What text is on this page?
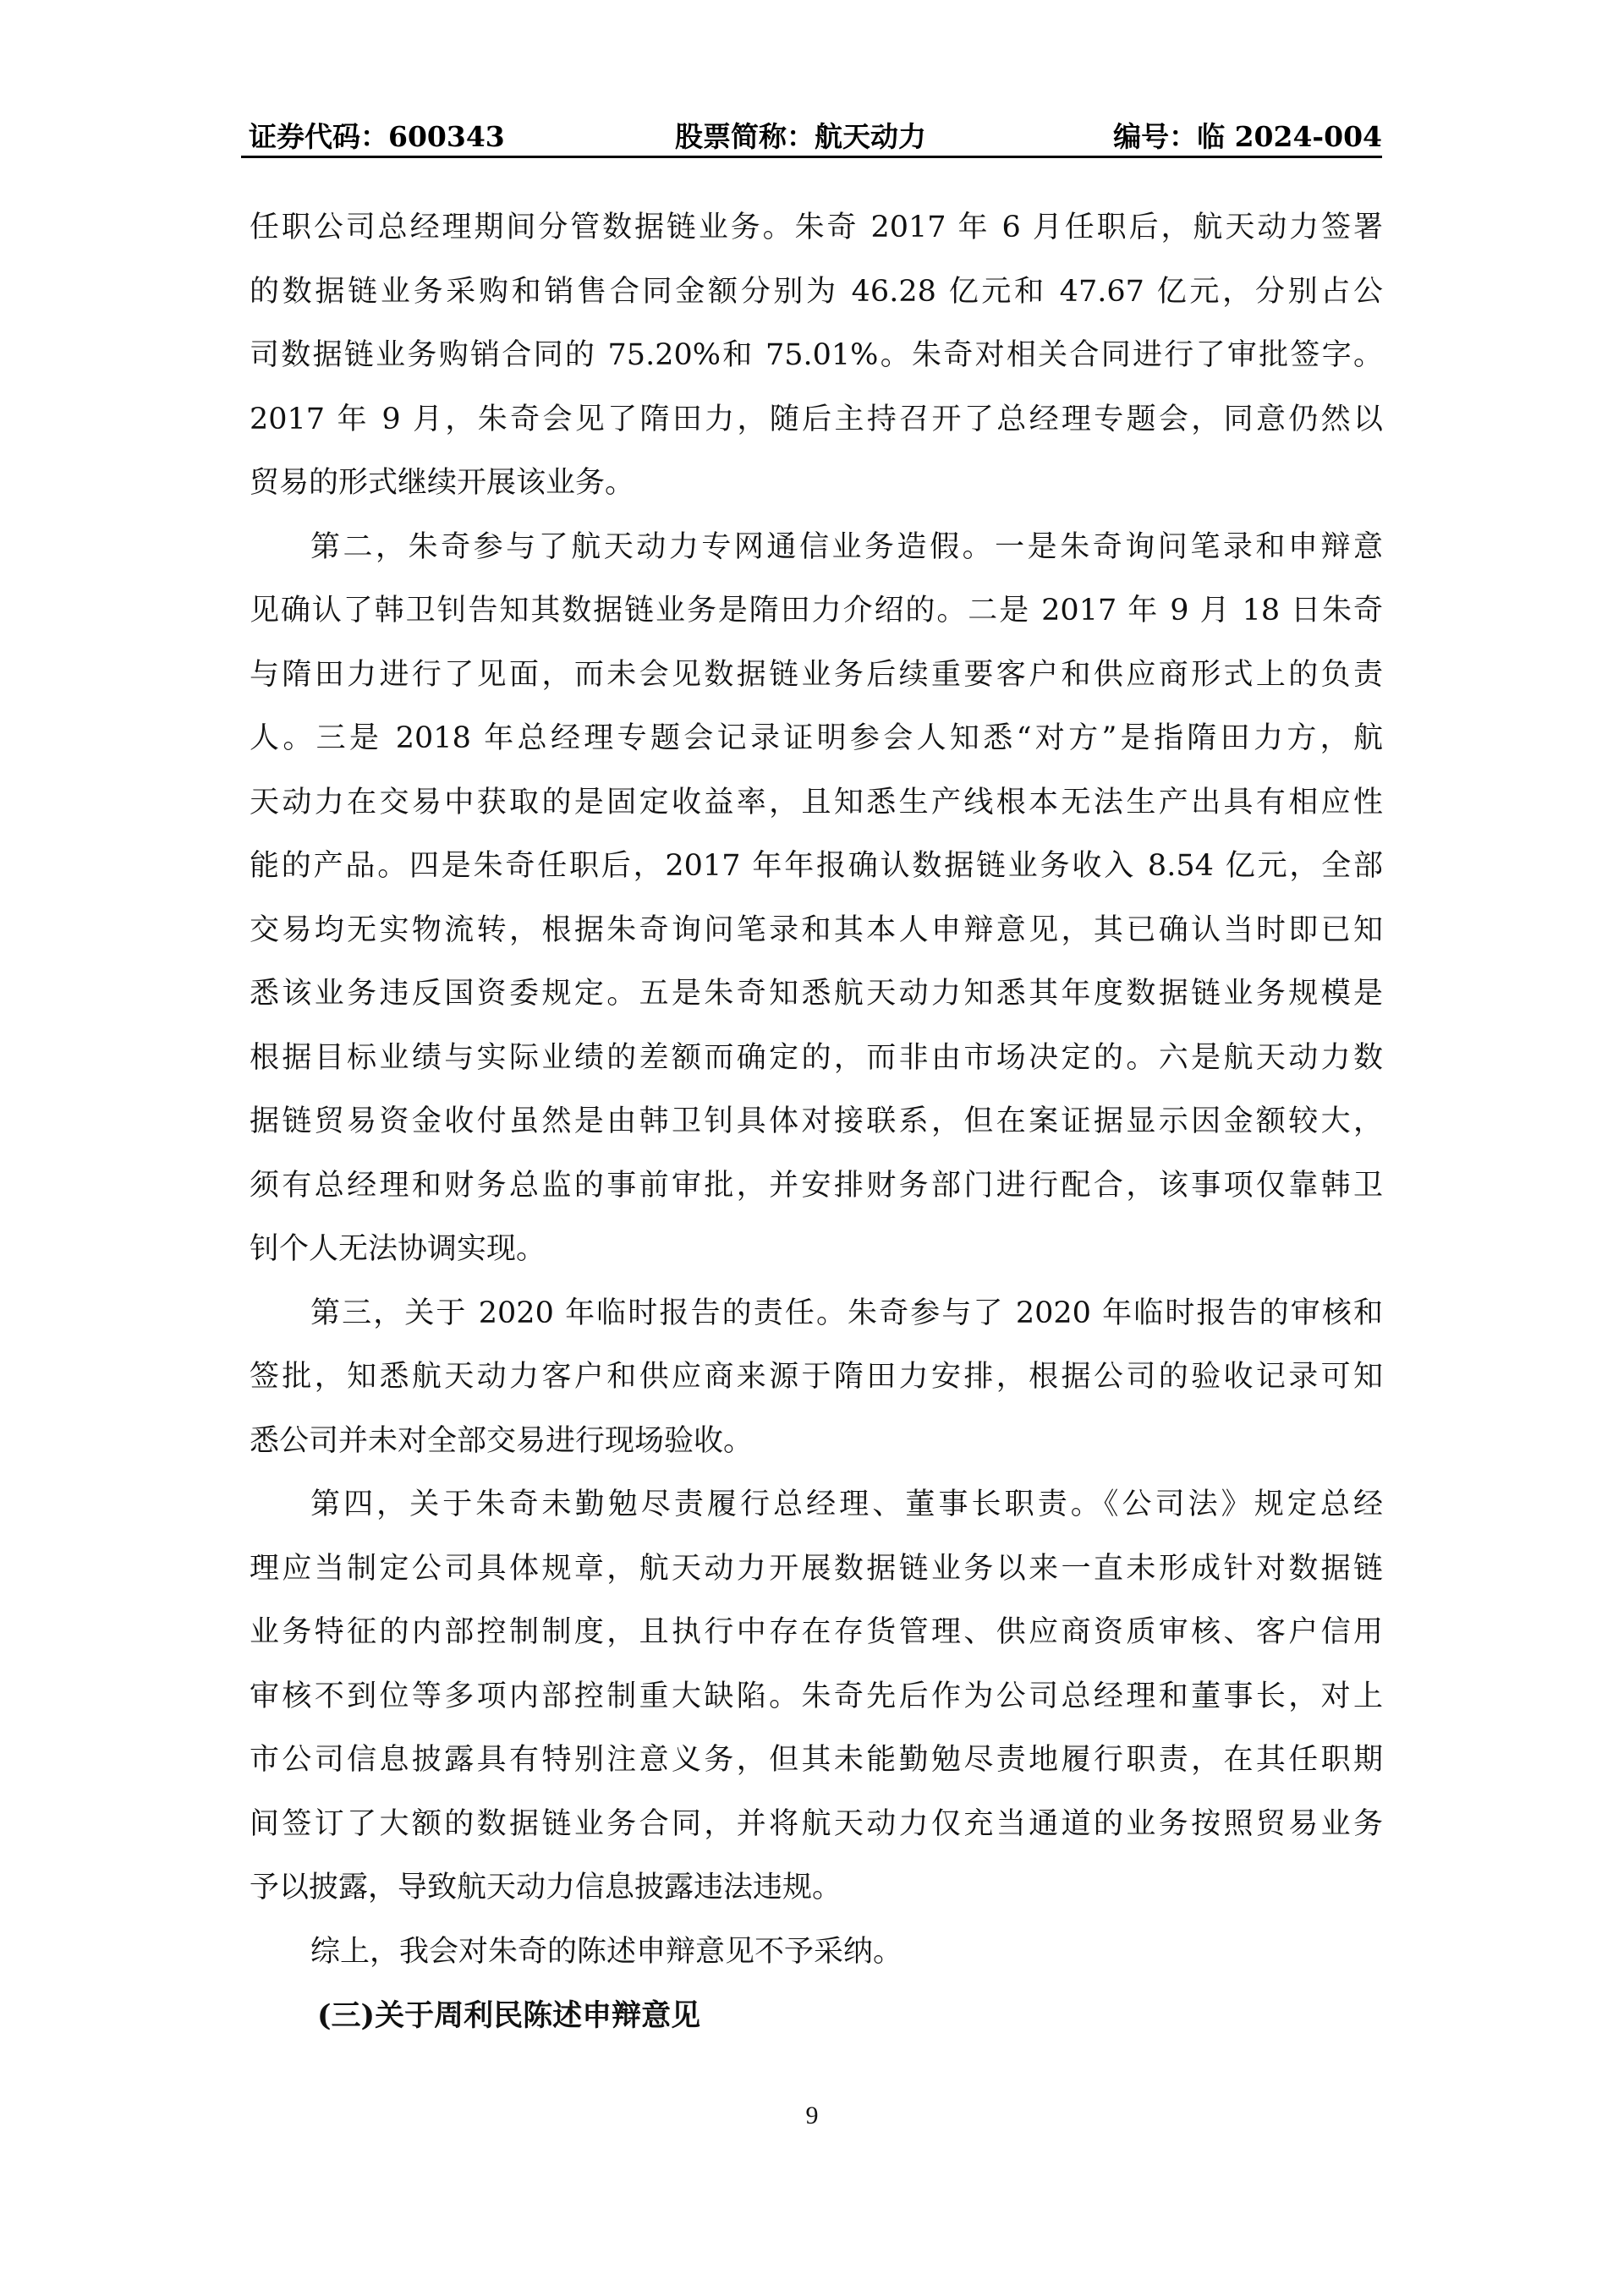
证券代码：600343	股票简称：航天动力	编号：临 2024-004
任职公司总经理期间分管数据链业务。朱奇 2017 年 6 月任职后，航天动力签署
的数据链业务采购和销售合同金额分别为 46.28 亿元和 47.67 亿元，分别占公
司数据链业务购销合同的 75.20%和 75.01%。朱奇对相关合同进行了审批签字。
2017 年 9 月，朱奇会见了隋田力，随后主持召开了总经理专题会，同意仍然以
贸易的形式继续开展该业务。
第二，朱奇参与了航天动力专网通信业务造假。一是朱奇询问笔录和申辩意
见确认了韩卫钊告知其数据链业务是隋田力介绍的。二是 2017 年 9 月 18 日朱奇
与隋田力进行了见面，而未会见数据链业务后续重要客户和供应商形式上的负责
人。三是 2018 年总经理专题会记录证明参会人知悉“对方”是指隋田力方，航
天动力在交易中获取的是固定收益率，且知悉生产线根本无法生产出具有相应性
能的产品。四是朱奇任职后，2017 年年报确认数据链业务收入 8.54 亿元，全部
交易均无实物流转，根据朱奇询问笔录和其本人申辩意见，其已确认当时即已知
悉该业务违反国资委规定。五是朱奇知悉航天动力知悉其年度数据链业务规模是
根据目标业绩与实际业绩的差额而确定的，而非由市场决定的。六是航天动力数
据链贸易资金收付虽然是由韩卫钊具体对接联系，但在案证据显示因金额较大，
须有总经理和财务总监的事前审批，并安排财务部门进行配合，该事项仅靠韩卫
钊个人无法协调实现。
第三，关于 2020 年临时报告的责任。朱奇参与了 2020 年临时报告的审核和
签批，知悉航天动力客户和供应商来源于隋田力安排，根据公司的验收记录可知
悉公司并未对全部交易进行现场验收。
第四，关于朱奇未勤勉尽责履行总经理、董事长职责。《公司法》规定总经
理应当制定公司具体规章，航天动力开展数据链业务以来一直未形成针对数据链
业务特征的内部控制制度，且执行中存在存货管理、供应商资质审核、客户信用
审核不到位等多项内部控制重大缺陷。朱奇先后作为公司总经理和董事长，对上
市公司信息披露具有特别注意义务，但其未能勤勉尽责地履行职责，在其任职期
间签订了大额的数据链业务合同，并将航天动力仅充当通道的业务按照贸易业务
予以披露，导致航天动力信息披露违法违规。
综上，我会对朱奇的陈述申辩意见不予采纳。
(三)关于周利民陈述申辩意见
9
